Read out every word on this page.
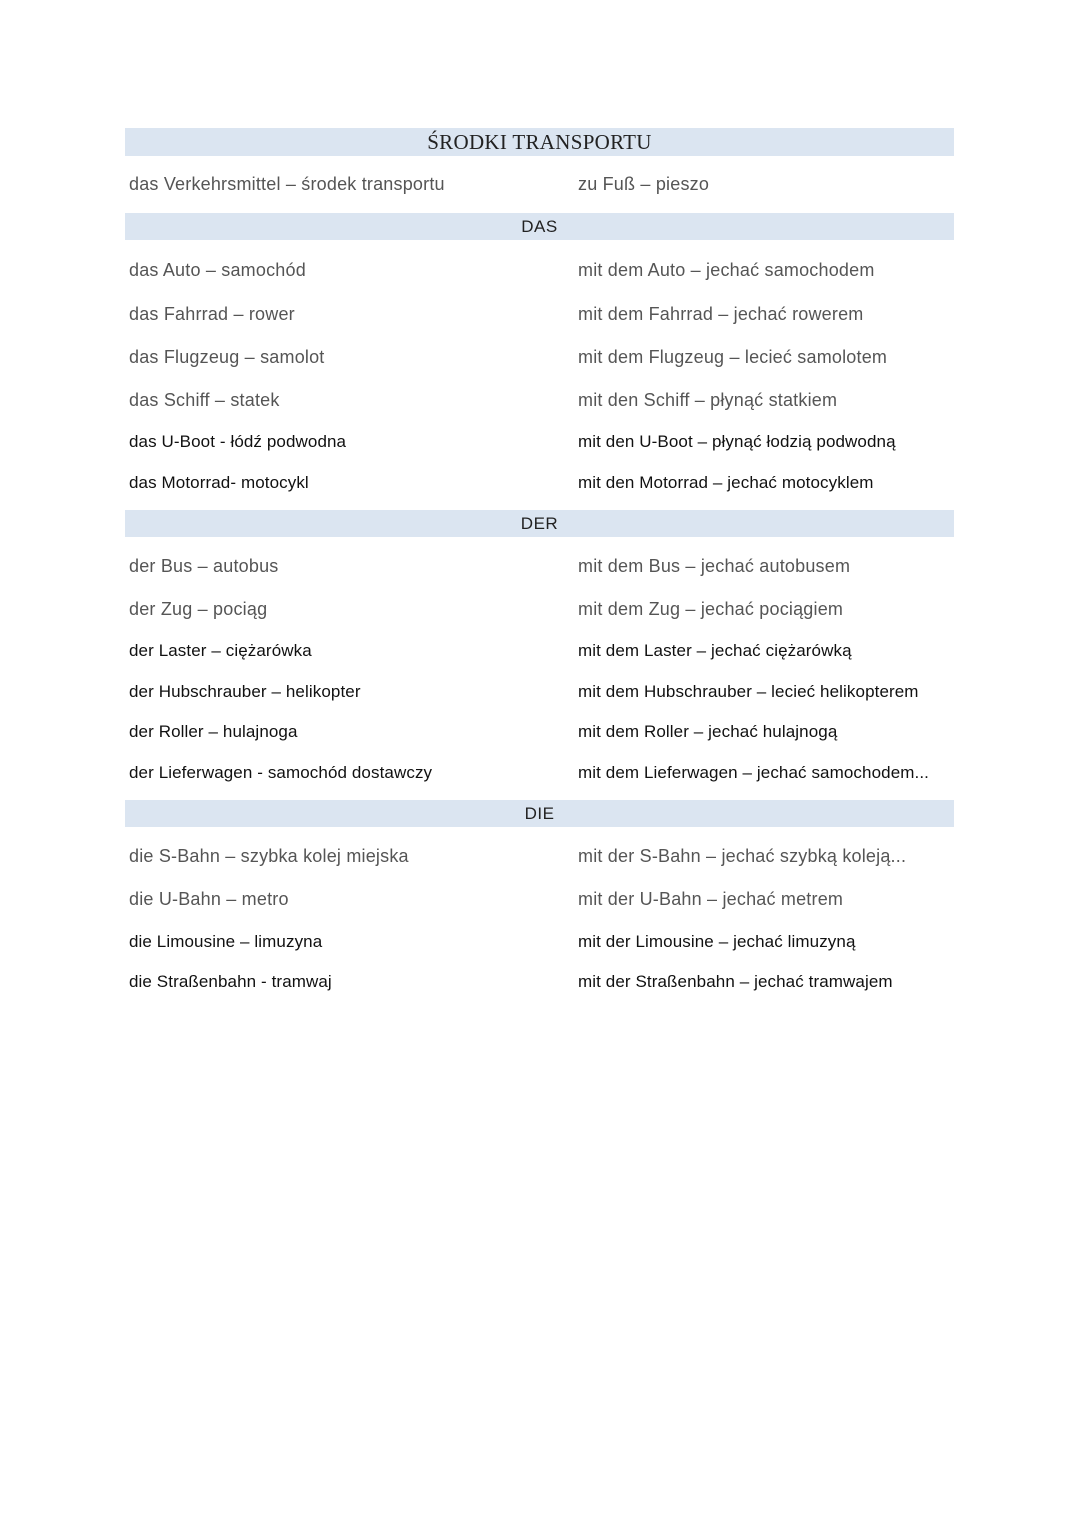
ŚRODKI TRANSPORTU
das Verkehrsmittel – środek transportu	zu Fuß – pieszo
DAS
das Auto – samochód	mit dem Auto – jechać samochodem
das Fahrrad – rower	mit dem Fahrrad – jechać rowerem
das Flugzeug – samolot	mit dem Flugzeug – lecieć samolotem
das Schiff – statek	mit den Schiff – płynąć statkiem
das U-Boot - łódź podwodna	mit den U-Boot – płynąć łodzią podwodną
das Motorrad- motocykl	mit den Motorrad – jechać motocyklem
DER
der Bus – autobus	mit dem Bus – jechać autobusem
der Zug – pociąg	mit dem Zug – jechać pociągiem
der Laster – ciężarówka	mit dem Laster – jechać ciężarówką
der Hubschrauber – helikopter	mit dem Hubschrauber – lecieć helikopterem
der Roller – hulajnoga	mit dem Roller – jechać hulajnogą
der Lieferwagen - samochód dostawczy	mit dem Lieferwagen – jechać samochodem...
DIE
die S-Bahn – szybka kolej miejska	mit der S-Bahn – jechać szybką koleją...
die U-Bahn – metro	mit der U-Bahn – jechać metrem
die Limousine – limuzyna	mit der Limousine – jechać limuzyną
die Straßenbahn - tramwaj	mit der Straßenbahn – jechać tramwajem
